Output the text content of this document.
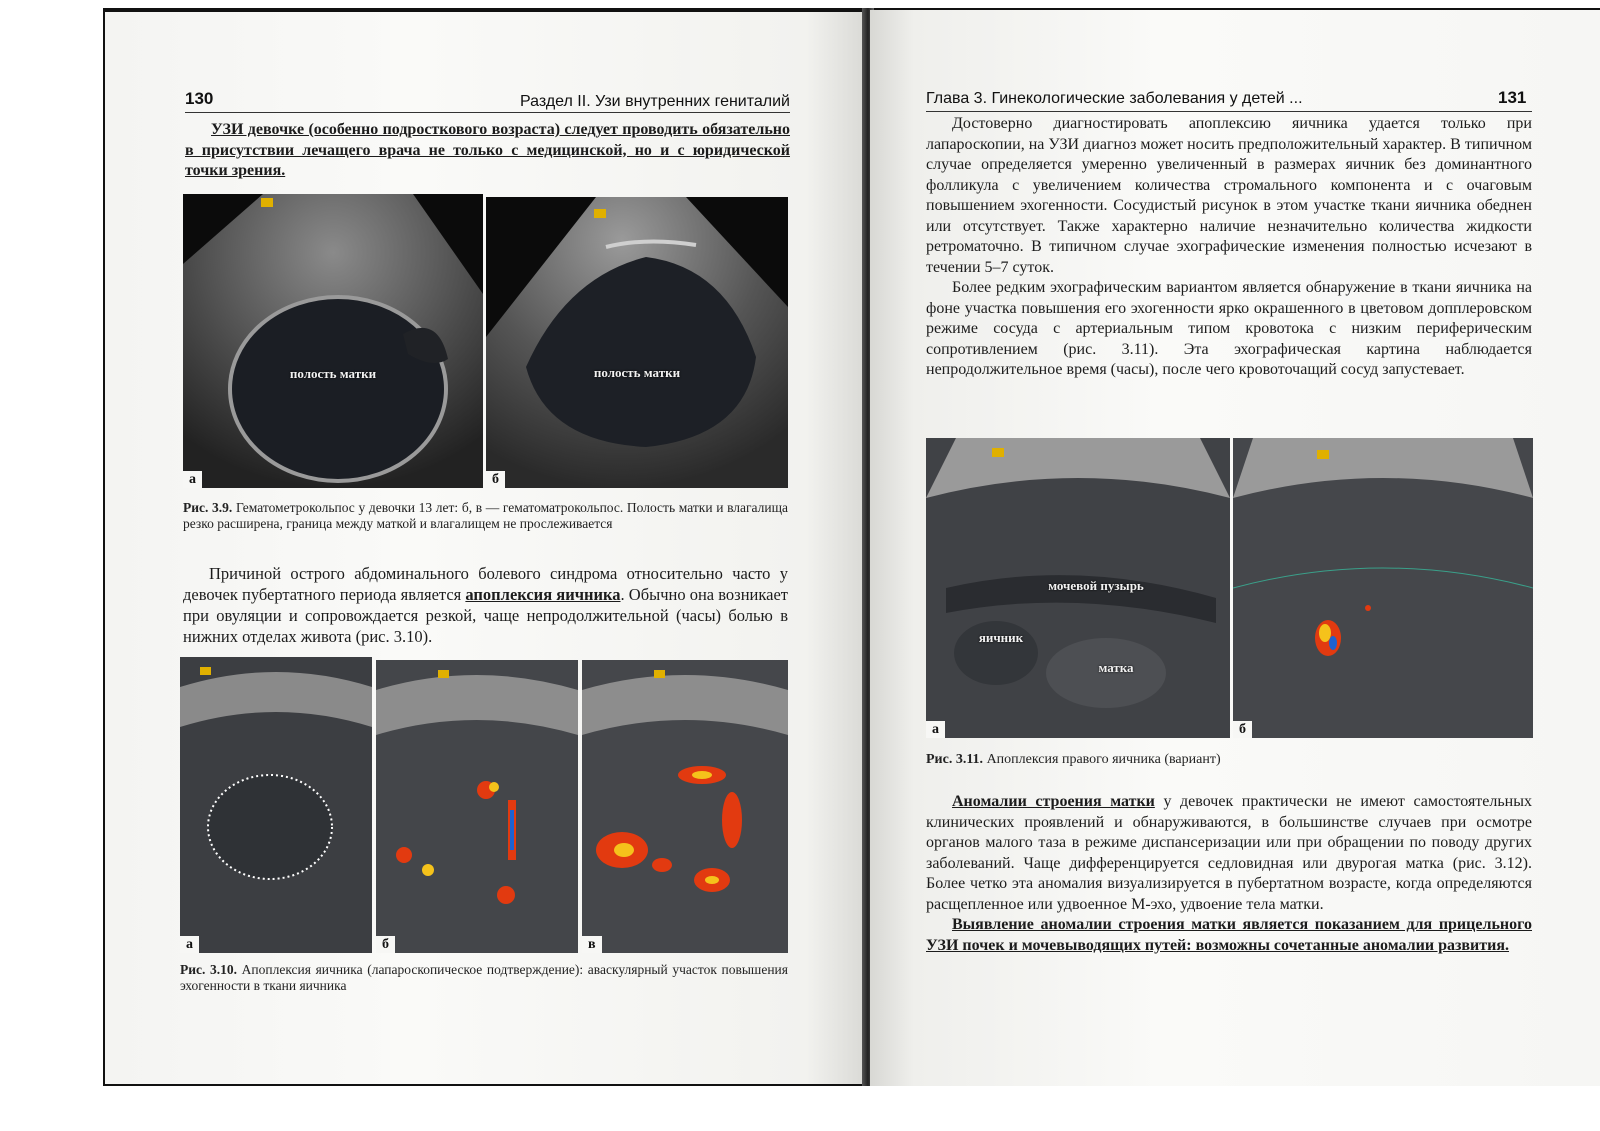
130	Раздел II. Узи внутренних гениталий

УЗИ девочке (особенно подросткового возраста) следует проводить обязательно в присутствии лечащего врача не только с медицинской, но и с юридической точки зрения.

полость матки
а
полость матки
б
Рис. 3.9. Гематометрокольпос у девочки 13 лет: б, в — гематоматрокольпос. Полость матки и влагалища резко расширена, граница между маткой и влагалищем не прослеживается

Причиной острого абдоминального болевого синдрома относительно часто у девочек пубертатного периода является апоплексия яичника. Обычно она возникает при овуляции и сопровождается резкой, чаще непродолжительной (часы) болью в нижних отделах живота (рис. 3.10).

а	б	в
Рис. 3.10. Апоплексия яичника (лапароскопическое подтверждение): аваскулярный участок повышения эхогенности в ткани яичника
Глава 3. Гинекологические заболевания у детей ...	131

Достоверно диагностировать апоплексию яичника удается только при лапароскопии, на УЗИ диагноз может носить предположительный характер. В типичном случае определяется умеренно увеличенный в размерах яичник без доминантного фолликула с увеличением количества стромального компонента и с очаговым повышением эхогенности. Сосудистый рисунок в этом участке ткани яичника обеднен или отсутствует. Также характерно наличие незначительно количества жидкости ретроматочно. В типичном случае эхографические изменения полностью исчезают в течении 5–7 суток.

Более редким эхографическим вариантом является обнаружение в ткани яичника на фоне участка повышения его эхогенности ярко окрашенного в цветовом допплеровском режиме сосуда с артериальным типом кровотока с низким периферическим сопротивлением (рис. 3.11). Эта эхографическая картина наблюдается непродолжительное время (часы), после чего кровоточащий сосуд запустевает.

мочевой пузырь
яичник
матка
а	б
Рис. 3.11. Апоплексия правого яичника (вариант)

Аномалии строения матки у девочек практически не имеют самостоятельных клинических проявлений и обнаруживаются, в большинстве случаев при осмотре органов малого таза в режиме диспансеризации или при обращении по поводу других заболеваний. Чаще дифференцируется седловидная или двурогая матка (рис. 3.12). Более четко эта аномалия визуализируется в пубертатном возрасте, когда определяются расщепленное или удвоенное М-эхо, удвоение тела матки.

Выявление аномалии строения матки является показанием для прицельного УЗИ почек и мочевыводящих путей: возможны сочетанные аномалии развития.
